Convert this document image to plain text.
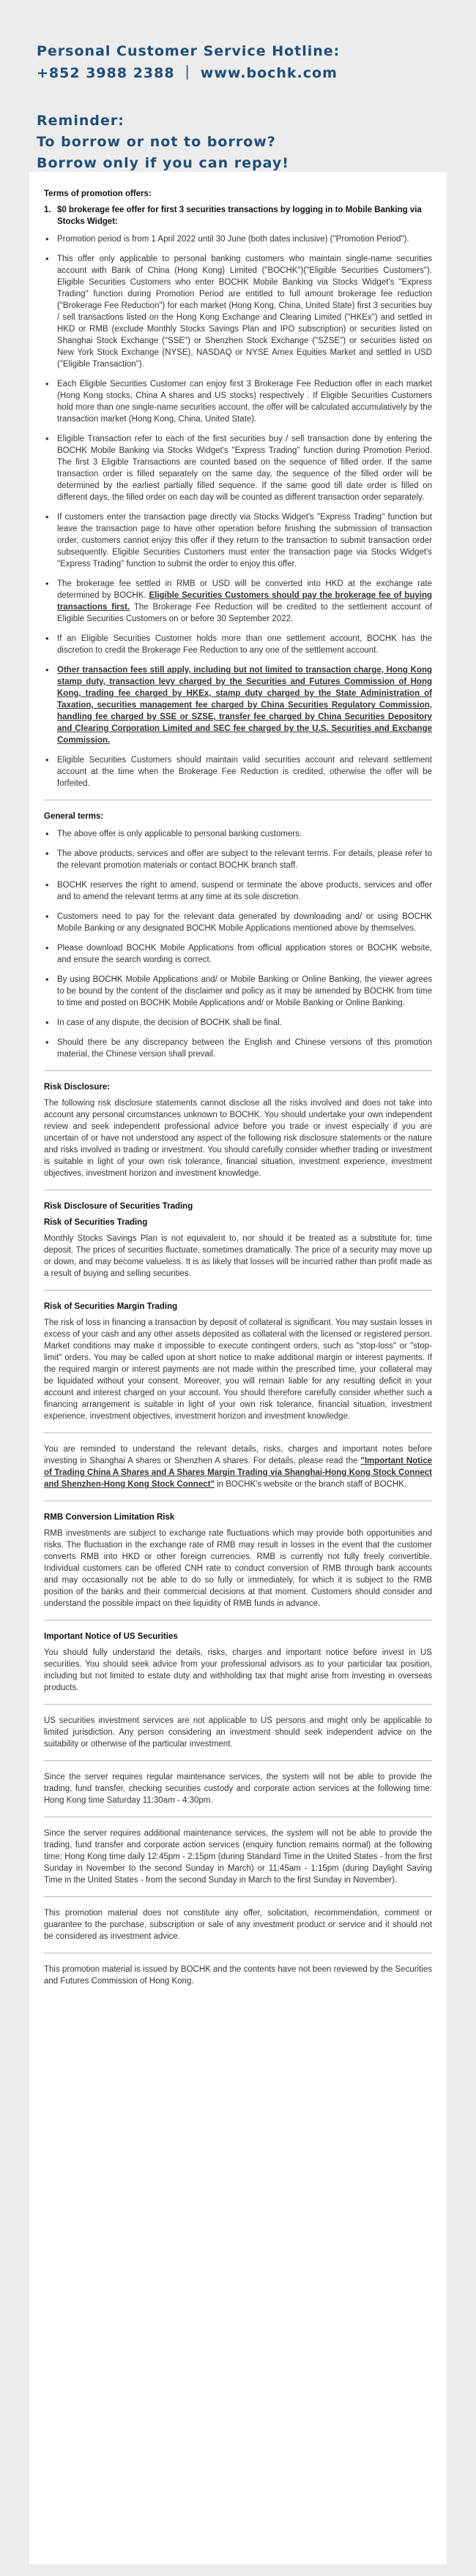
Personal Customer Service Hotline:
+852 3988 2388 ｜ www.bochk.com
Reminder:
To borrow or not to borrow?
Borrow only if you can repay!
Terms of promotion offers:
1. $0 brokerage fee offer for first 3 securities transactions by logging in to Mobile Banking via Stocks Widget:
• Promotion period is from 1 April 2022 until 30 June (both dates inclusive) ("Promotion Period").
• This offer only applicable to personal banking customers who maintain single-name securities account with Bank of China (Hong Kong) Limited ("BOCHK")("Eligible Securities Customers"). Eligible Securities Customers who enter BOCHK Mobile Banking via Stocks Widget's "Express Trading" function during Promotion Period are entitled to full amount brokerage fee reduction ("Brokerage Fee Reduction") for each market (Hong Kong, China, United State) first 3 securities buy / sell transactions listed on the Hong Kong Exchange and Clearing Limited ("HKEx") and settled in HKD or RMB (exclude Monthly Stocks Savings Plan and IPO subscription) or securities listed on Shanghai Stock Exchange ("SSE") or Shenzhen Stock Exchange ("SZSE") or securities listed on New York Stock Exchange (NYSE), NASDAQ or NYSE Amex Equities Market and settled in USD ("Eligible Transaction").
• Each Eligible Securities Customer can enjoy first 3 Brokerage Fee Reduction offer in each market (Hong Kong stocks, China A shares and US stocks) respectively . If Eligible Securities Customers hold more than one single-name securities account, the offer will be calculated accumulatively by the transaction market (Hong Kong, China, United State).
• Eligible Transaction refer to each of the first securities buy / sell transaction done by entering the BOCHK Mobile Banking via Stocks Widget's "Express Trading" function during Promotion Period. The first 3 Eligible Transactions are counted based on the sequence of filled order. If the same transaction order is filled separately on the same day, the sequence of the filled order will be determined by the earliest partially filled sequence. If the same good till date order is filled on different days, the filled order on each day will be counted as different transaction order separately.
• If customers enter the transaction page directly via Stocks Widget's "Express Trading" function but leave the transaction page to have other operation before finishing the submission of transaction order, customers cannot enjoy this offer if they return to the transaction to submit transaction order subsequently. Eligible Securities Customers must enter the transaction page via Stocks Widget's "Express Trading" function to submit the order to enjoy this offer.
• The brokerage fee settled in RMB or USD will be converted into HKD at the exchange rate determined by BOCHK. Eligible Securities Customers should pay the brokerage fee of buying transactions first. The Brokerage Fee Reduction will be credited to the settlement account of Eligible Securities Customers on or before 30 September 2022.
• If an Eligible Securities Customer holds more than one settlement account, BOCHK has the discretion to credit the Brokerage Fee Reduction to any one of the settlement account.
• Other transaction fees still apply, including but not limited to transaction charge, Hong Kong stamp duty, transaction levy charged by the Securities and Futures Commission of Hong Kong, trading fee charged by HKEx, stamp duty charged by the State Administration of Taxation, securities management fee charged by China Securities Regulatory Commission, handling fee charged by SSE or SZSE, transfer fee charged by China Securities Depository and Clearing Corporation Limited and SEC fee charged by the U.S. Securities and Exchange Commission.
• Eligible Securities Customers should maintain valid securities account and relevant settlement account at the time when the Brokerage Fee Reduction is credited, otherwise the offer will be forfeited.
General terms:
• The above offer is only applicable to personal banking customers.
• The above products, services and offer are subject to the relevant terms. For details, please refer to the relevant promotion materials or contact BOCHK branch staff.
• BOCHK reserves the right to amend, suspend or terminate the above products, services and offer and to amend the relevant terms at any time at its sole discretion.
• Customers need to pay for the relevant data generated by downloading and/ or using BOCHK Mobile Banking or any designated BOCHK Mobile Applications mentioned above by themselves.
• Please download BOCHK Mobile Applications from official application stores or BOCHK website, and ensure the search wording is correct.
• By using BOCHK Mobile Applications and/ or Mobile Banking or Online Banking, the viewer agrees to be bound by the content of the disclaimer and policy as it may be amended by BOCHK from time to time and posted on BOCHK Mobile Applications and/ or Mobile Banking or Online Banking.
• In case of any dispute, the decision of BOCHK shall be final.
• Should there be any discrepancy between the English and Chinese versions of this promotion material, the Chinese version shall prevail.
Risk Disclosure:

The following risk disclosure statements cannot disclose all the risks involved and does not take into account any personal circumstances unknown to BOCHK. You should undertake your own independent review and seek independent professional advice before you trade or invest especially if you are uncertain of or have not understood any aspect of the following risk disclosure statements or the nature and risks involved in trading or investment. You should carefully consider whether trading or investment is suitable in light of your own risk tolerance, financial situation, investment experience, investment objectives, investment horizon and investment knowledge.

Risk Disclosure of Securities Trading
Risk of Securities Trading

Monthly Stocks Savings Plan is not equivalent to, nor should it be treated as a substitute for, time deposit. The prices of securities fluctuate, sometimes dramatically. The price of a security may move up or down, and may become valueless. It is as likely that losses will be incurred rather than profit made as a result of buying and selling securities.

Risk of Securities Margin Trading

The risk of loss in financing a transaction by deposit of collateral is significant. You may sustain losses in excess of your cash and any other assets deposited as collateral with the licensed or registered person. Market conditions may make it impossible to execute contingent orders, such as "stop-loss" or "stop-limit" orders. You may be called upon at short notice to make additional margin or interest payments. If the required margin or interest payments are not made within the prescribed time, your collateral may be liquidated without your consent. Moreover, you will remain liable for any resulting deficit in your account and interest charged on your account. You should therefore carefully consider whether such a financing arrangement is suitable in light of your own risk tolerance, financial situation, investment experience, investment objectives, investment horizon and investment knowledge.

You are reminded to understand the relevant details, risks, charges and important notes before investing in Shanghai A shares or Shenzhen A shares. For details, please read the "Important Notice of Trading China A Shares and A Shares Margin Trading via Shanghai-Hong Kong Stock Connect and Shenzhen-Hong Kong Stock Connect" in BOCHK's website or the branch staff of BOCHK.

RMB Conversion Limitation Risk

RMB investments are subject to exchange rate fluctuations which may provide both opportunities and risks. The fluctuation in the exchange rate of RMB may result in losses in the event that the customer converts RMB into HKD or other foreign currencies. RMB is currently not fully freely convertible. Individual customers can be offered CNH rate to conduct conversion of RMB through bank accounts and may occasionally not be able to do so fully or immediately, for which it is subject to the RMB position of the banks and their commercial decisions at that moment. Customers should consider and understand the possible impact on their liquidity of RMB funds in advance.

Important Notice of US Securities

You should fully understand the details, risks, charges and important notice before invest in US securities. You should seek advice from your professional advisors as to your particular tax position, including but not limited to estate duty and withholding tax that might arise from investing in overseas products.

US securities investment services are not applicable to US persons and might only be applicable to limited jurisdiction. Any person considering an investment should seek independent advice on the suitability or otherwise of the particular investment.

Since the server requires regular maintenance services, the system will not be able to provide the trading, fund transfer, checking securities custody and corporate action services at the following time: Hong Kong time Saturday 11:30am - 4:30pm.

Since the server requires additional maintenance services, the system will not be able to provide the trading, fund transfer and corporate action services (enquiry function remains normal) at the following time: Hong Kong time daily 12:45pm - 2:15pm (during Standard Time in the United States - from the first Sunday in November to the second Sunday in March) or 11:45am - 1:15pm (during Daylight Saving Time in the United States - from the second Sunday in March to the first Sunday in November).

This promotion material does not constitute any offer, solicitation, recommendation, comment or guarantee to the purchase, subscription or sale of any investment product or service and it should not be considered as investment advice.

This promotion material is issued by BOCHK and the contents have not been reviewed by the Securities and Futures Commission of Hong Kong.
